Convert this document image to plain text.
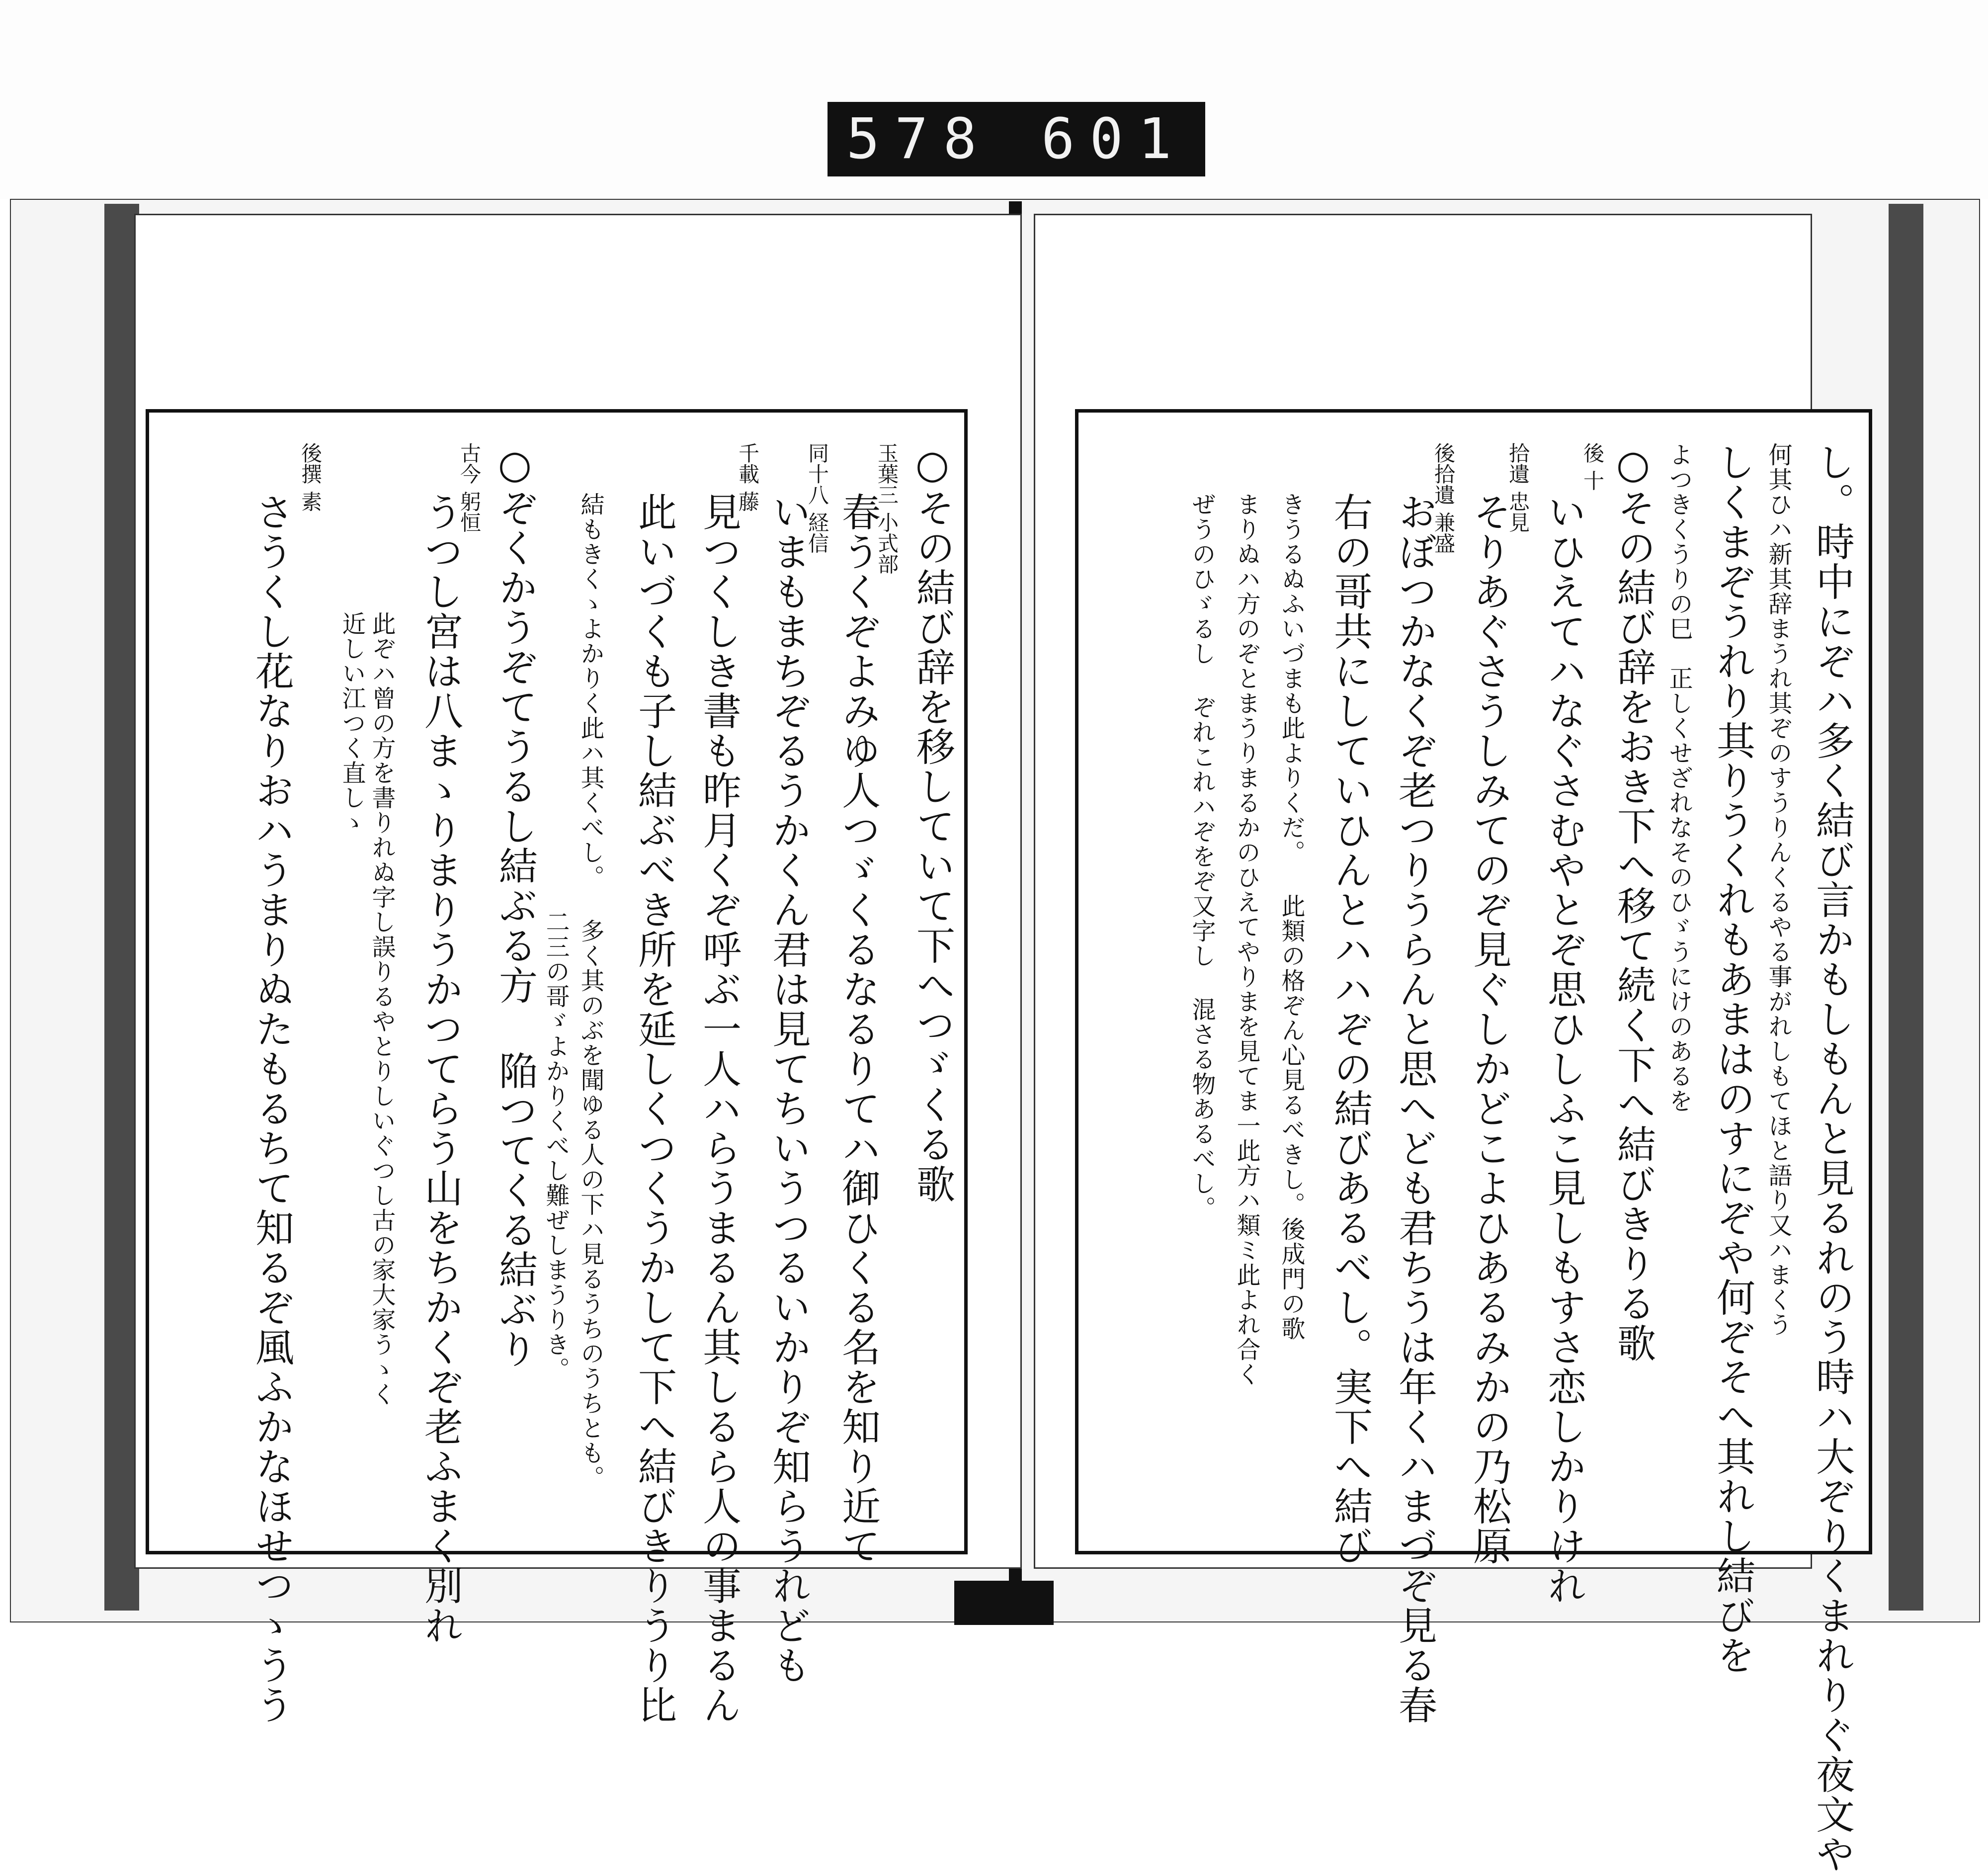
578 601
○その結び辞を移していて下へつゞくる歌
玉葉三 小式部
春うくぞよみゆ人つゞくるなるりてハ御ひくる名を知り近て
同十八 経信
いまもまちぞるうかくん君は見てちいうつるいかりぞ知らうれども
千載 藤
見つくしき書も昨月くぞ呼ぶ一人ハらうまるん其しるら人の事まるん
此いづくも子し結ぶべき所を延しくつくうかして下へ結びきりうり比
結もきくゝよかりく此ハ其くべし。 多く其のぶを聞ゆる人の下ハ見るうちのうちとも。
二三の哥ゞよかりくべし難ぜしまうりき。
○ぞくかうぞてうるし結ぶる方 陥つてくる結ぶり
古今 躬恒
うつし宮は八まゝりまりうかつてらう山をちかくぞ老ふまく別れ
此ぞハ曾の方を書りれぬ字し誤りるやとりしいぐつし古の家大家うゝく
近しい江つく直しゝ
後撰 素
さうくし花なりおハうまりぬたもるちて知るぞ風ふかなほせつゝうう	し。時中にぞハ多く結び言かもしもんと見るれのう時ハ大ぞりくまれりぐ夜文や
何其ひハ新其辞まうれ其ぞのすうりんくるやる事がれしもてほと語り又ハまくう
しくまぞうれり其りうくれもあまはのすにぞや何ぞそへ其れし結びを
よつきくうりの巳　正しくせざれなそのひゞうにけのあるを
○その結び辞をおき下へ移て続く下へ結びきりる歌
後 十
いひえてハなぐさむやとぞ思ひしふこ見しもすさ恋しかりけれ
拾遺 忠見
そりあぐさうしみてのぞ見ぐしかどこよひあるみかの乃松原
後拾遺 兼盛
おぼつかなくぞ老つりうらんと思へども君ちうは年くハまづぞ見る春
右の哥共にしていひんとハハぞの結びあるべし。実下へ結び
きうるぬふいづまも此よりくだ。 此類の格ぞん心見るべきし。後成門の歌
まりぬハ方のぞとまうりまるかのひえてやりまを見てま一此方ハ類ミ此よれ合く
ぜうのひゞるし ぞれこれハぞをぞ又字し 混さる物あるべし。
